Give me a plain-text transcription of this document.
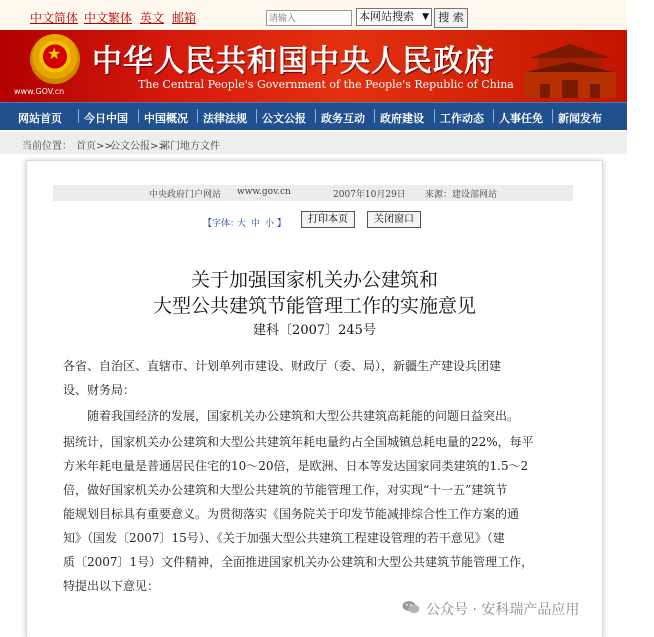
中文简体 中文繁体 英文 邮箱
请输入	本网站搜索 ▼ 搜 索
★
www.GOV.cn
中华人民共和国中央人民政府
The Central People's Government of the People's Republic of China
网站首页 今日中国 中国概况 法律法规 公文公报 政务互动 政府建设 工作动态 人事任免 新闻发布
当前位置： 首页>>
公文公报>>
部门地方文件
中央政府门户网站 www.gov.cn	2007年10月29日 来源：建设部网站
【字体：
大 中 小 】	打印本页	关闭窗口
关于加强国家机关办公建筑和
大型公共建筑节能管理工作的实施意见
建科〔2007〕245号
各省、自治区、直辖市、计划单列市建设、财政厅（委、局），新疆生产建设兵团建
设、财务局：
　　随着我国经济的发展，国家机关办公建筑和大型公共建筑高耗能的问题日益突出。
据统计，国家机关办公建筑和大型公共建筑年耗电量约占全国城镇总耗电量的22%，每平
方米年耗电量是普通居民住宅的10～20倍，是欧洲、日本等发达国家同类建筑的1.5～2
倍，做好国家机关办公建筑和大型公共建筑的节能管理工作，对实现“十一五”建筑节
能规划目标具有重要意义。为贯彻落实《国务院关于印发节能减排综合性工作方案的通
知》（国发〔2007〕15号）、《关于加强大型公共建筑工程建设管理的若干意见》（建
质〔2007〕1号）文件精神，全面推进国家机关办公建筑和大型公共建筑节能管理工作，
特提出以下意见：
公众号 · 安科瑞产品应用
